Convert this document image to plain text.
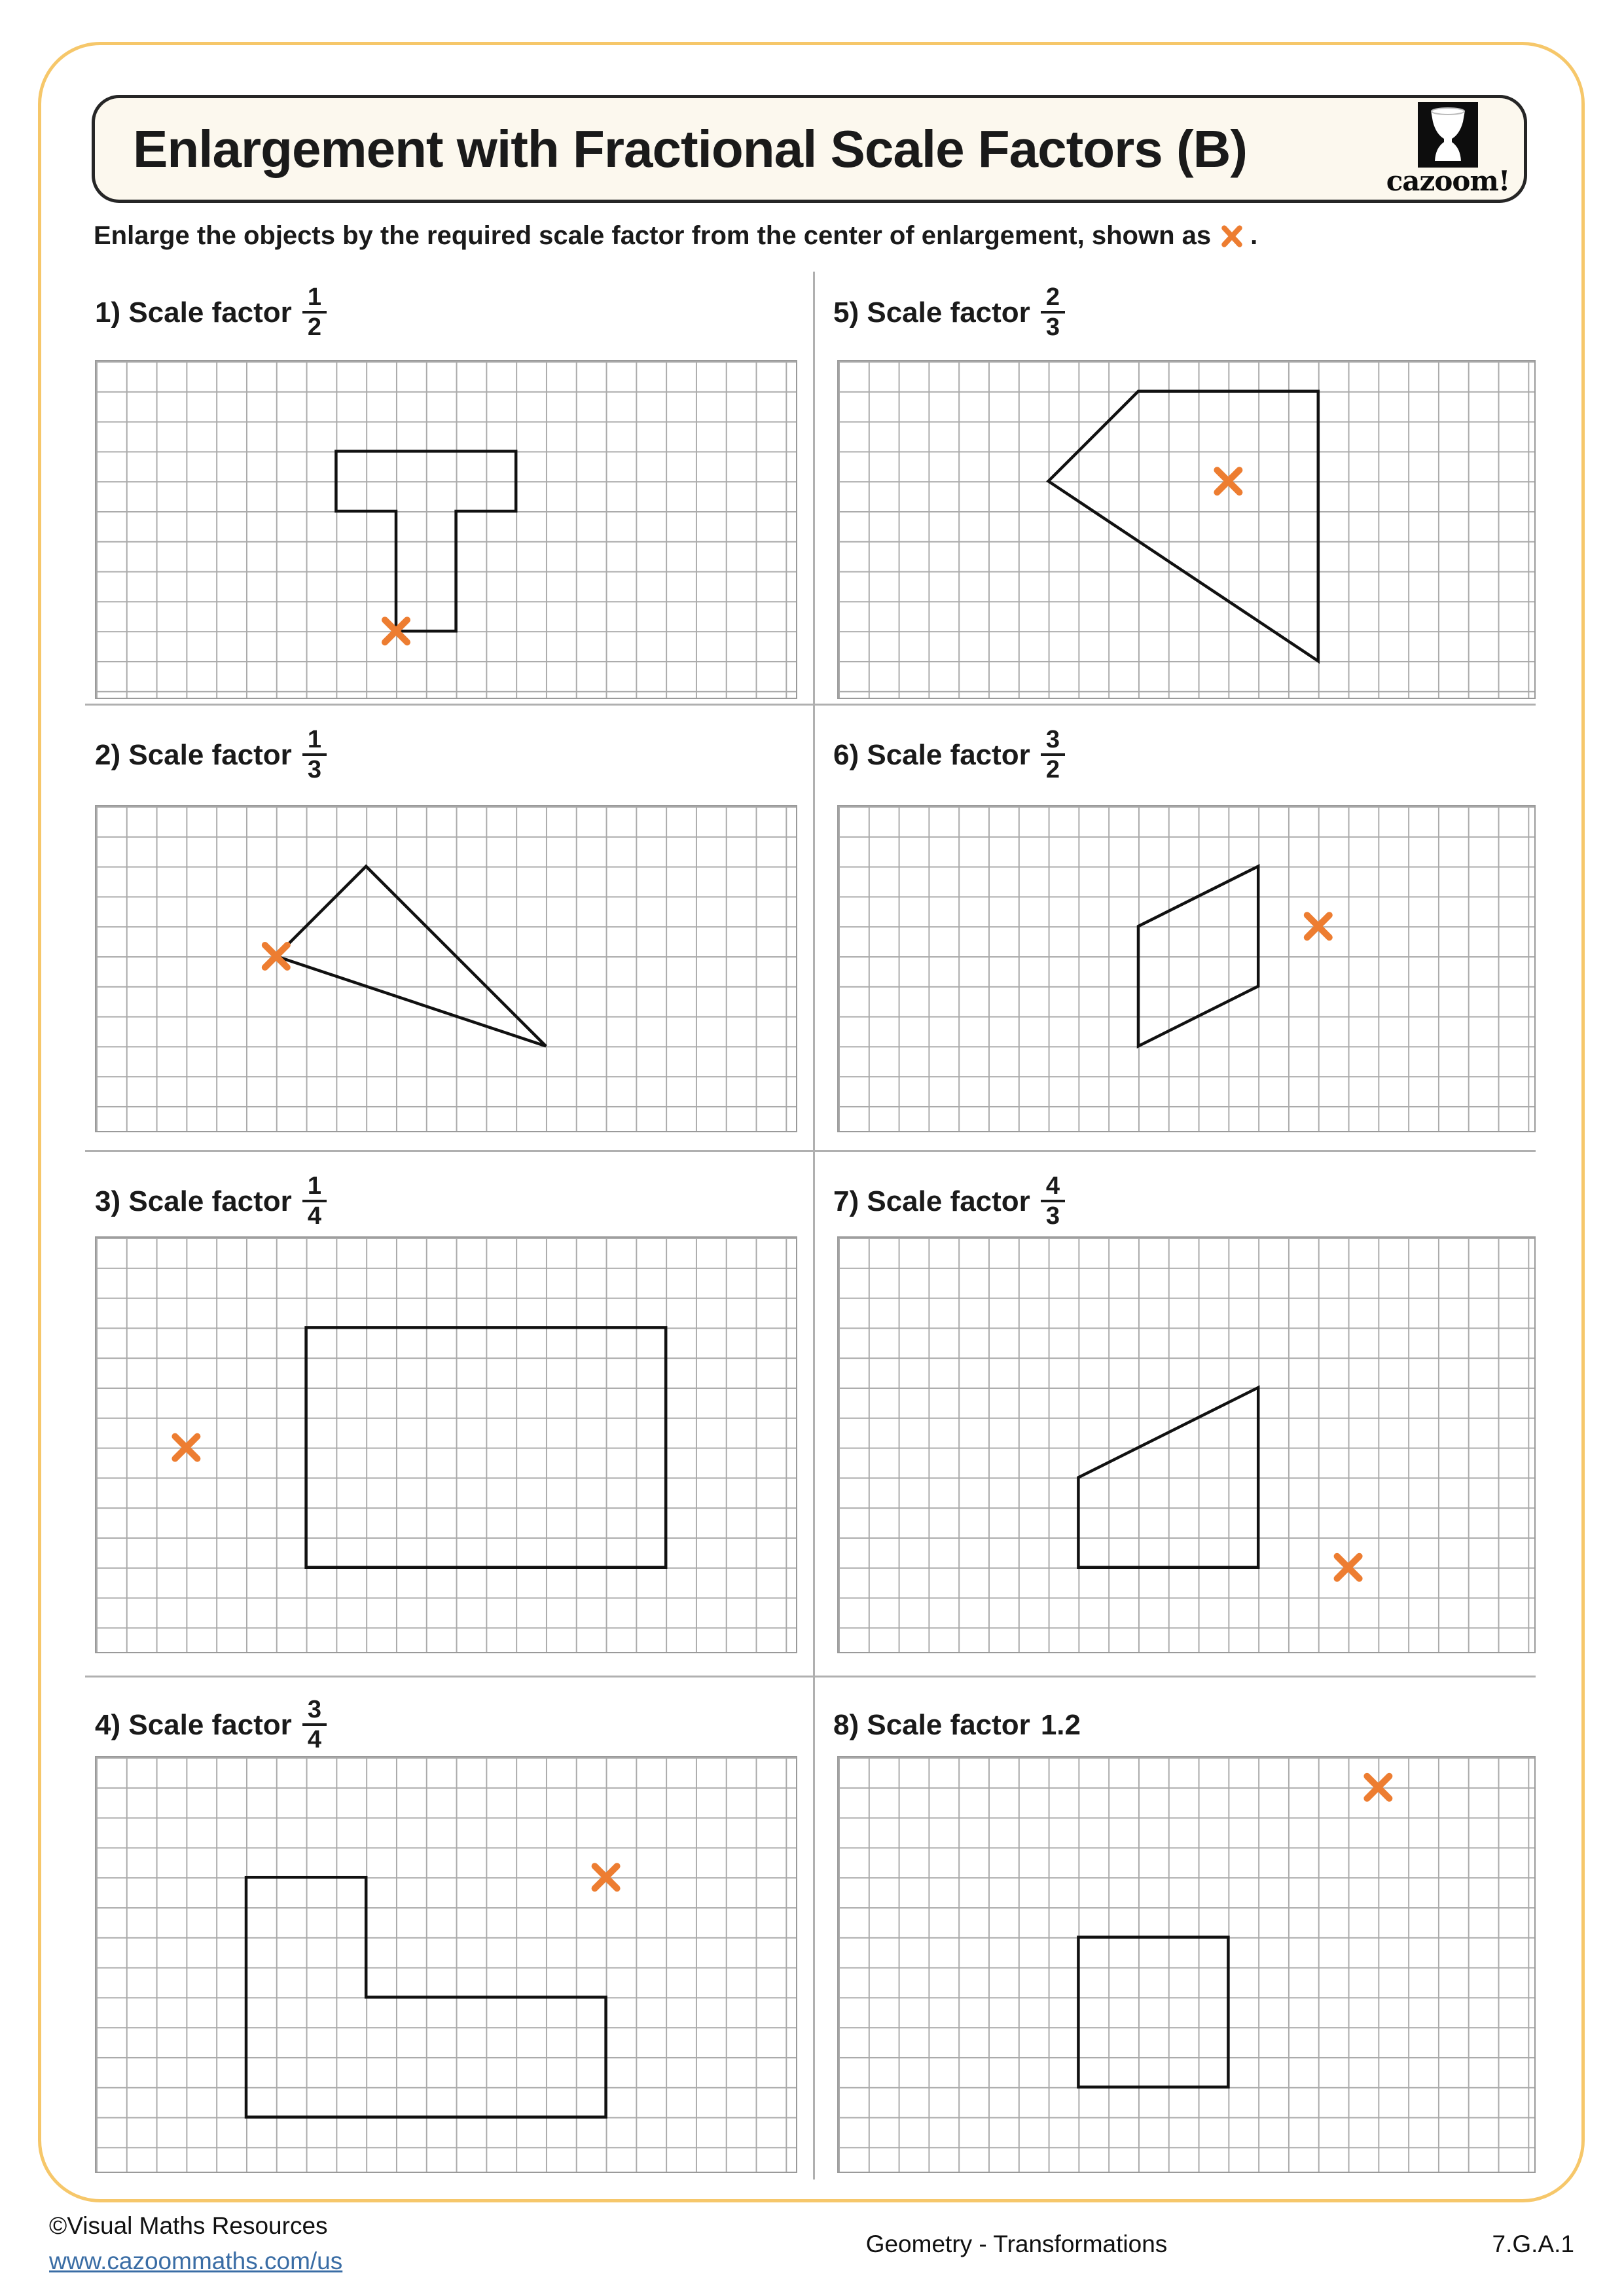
Enlargement with Fractional Scale Factors (B)
cazoom!
Enlarge the objects by the required scale factor from the center of enlargement, shown as .
1) Scale factor $\frac{1}{2}$
2) Scale factor $\frac{1}{3}$
3) Scale factor $\frac{1}{4}$
4) Scale factor $\frac{3}{4}$
5) Scale factor $\frac{2}{3}$
6) Scale factor $\frac{3}{2}$
7) Scale factor $\frac{4}{3}$
8) Scale factor 1.2
©Visual Maths Resources
www.cazoommaths.com/us
Geometry - Transformations	7.G.A.1
